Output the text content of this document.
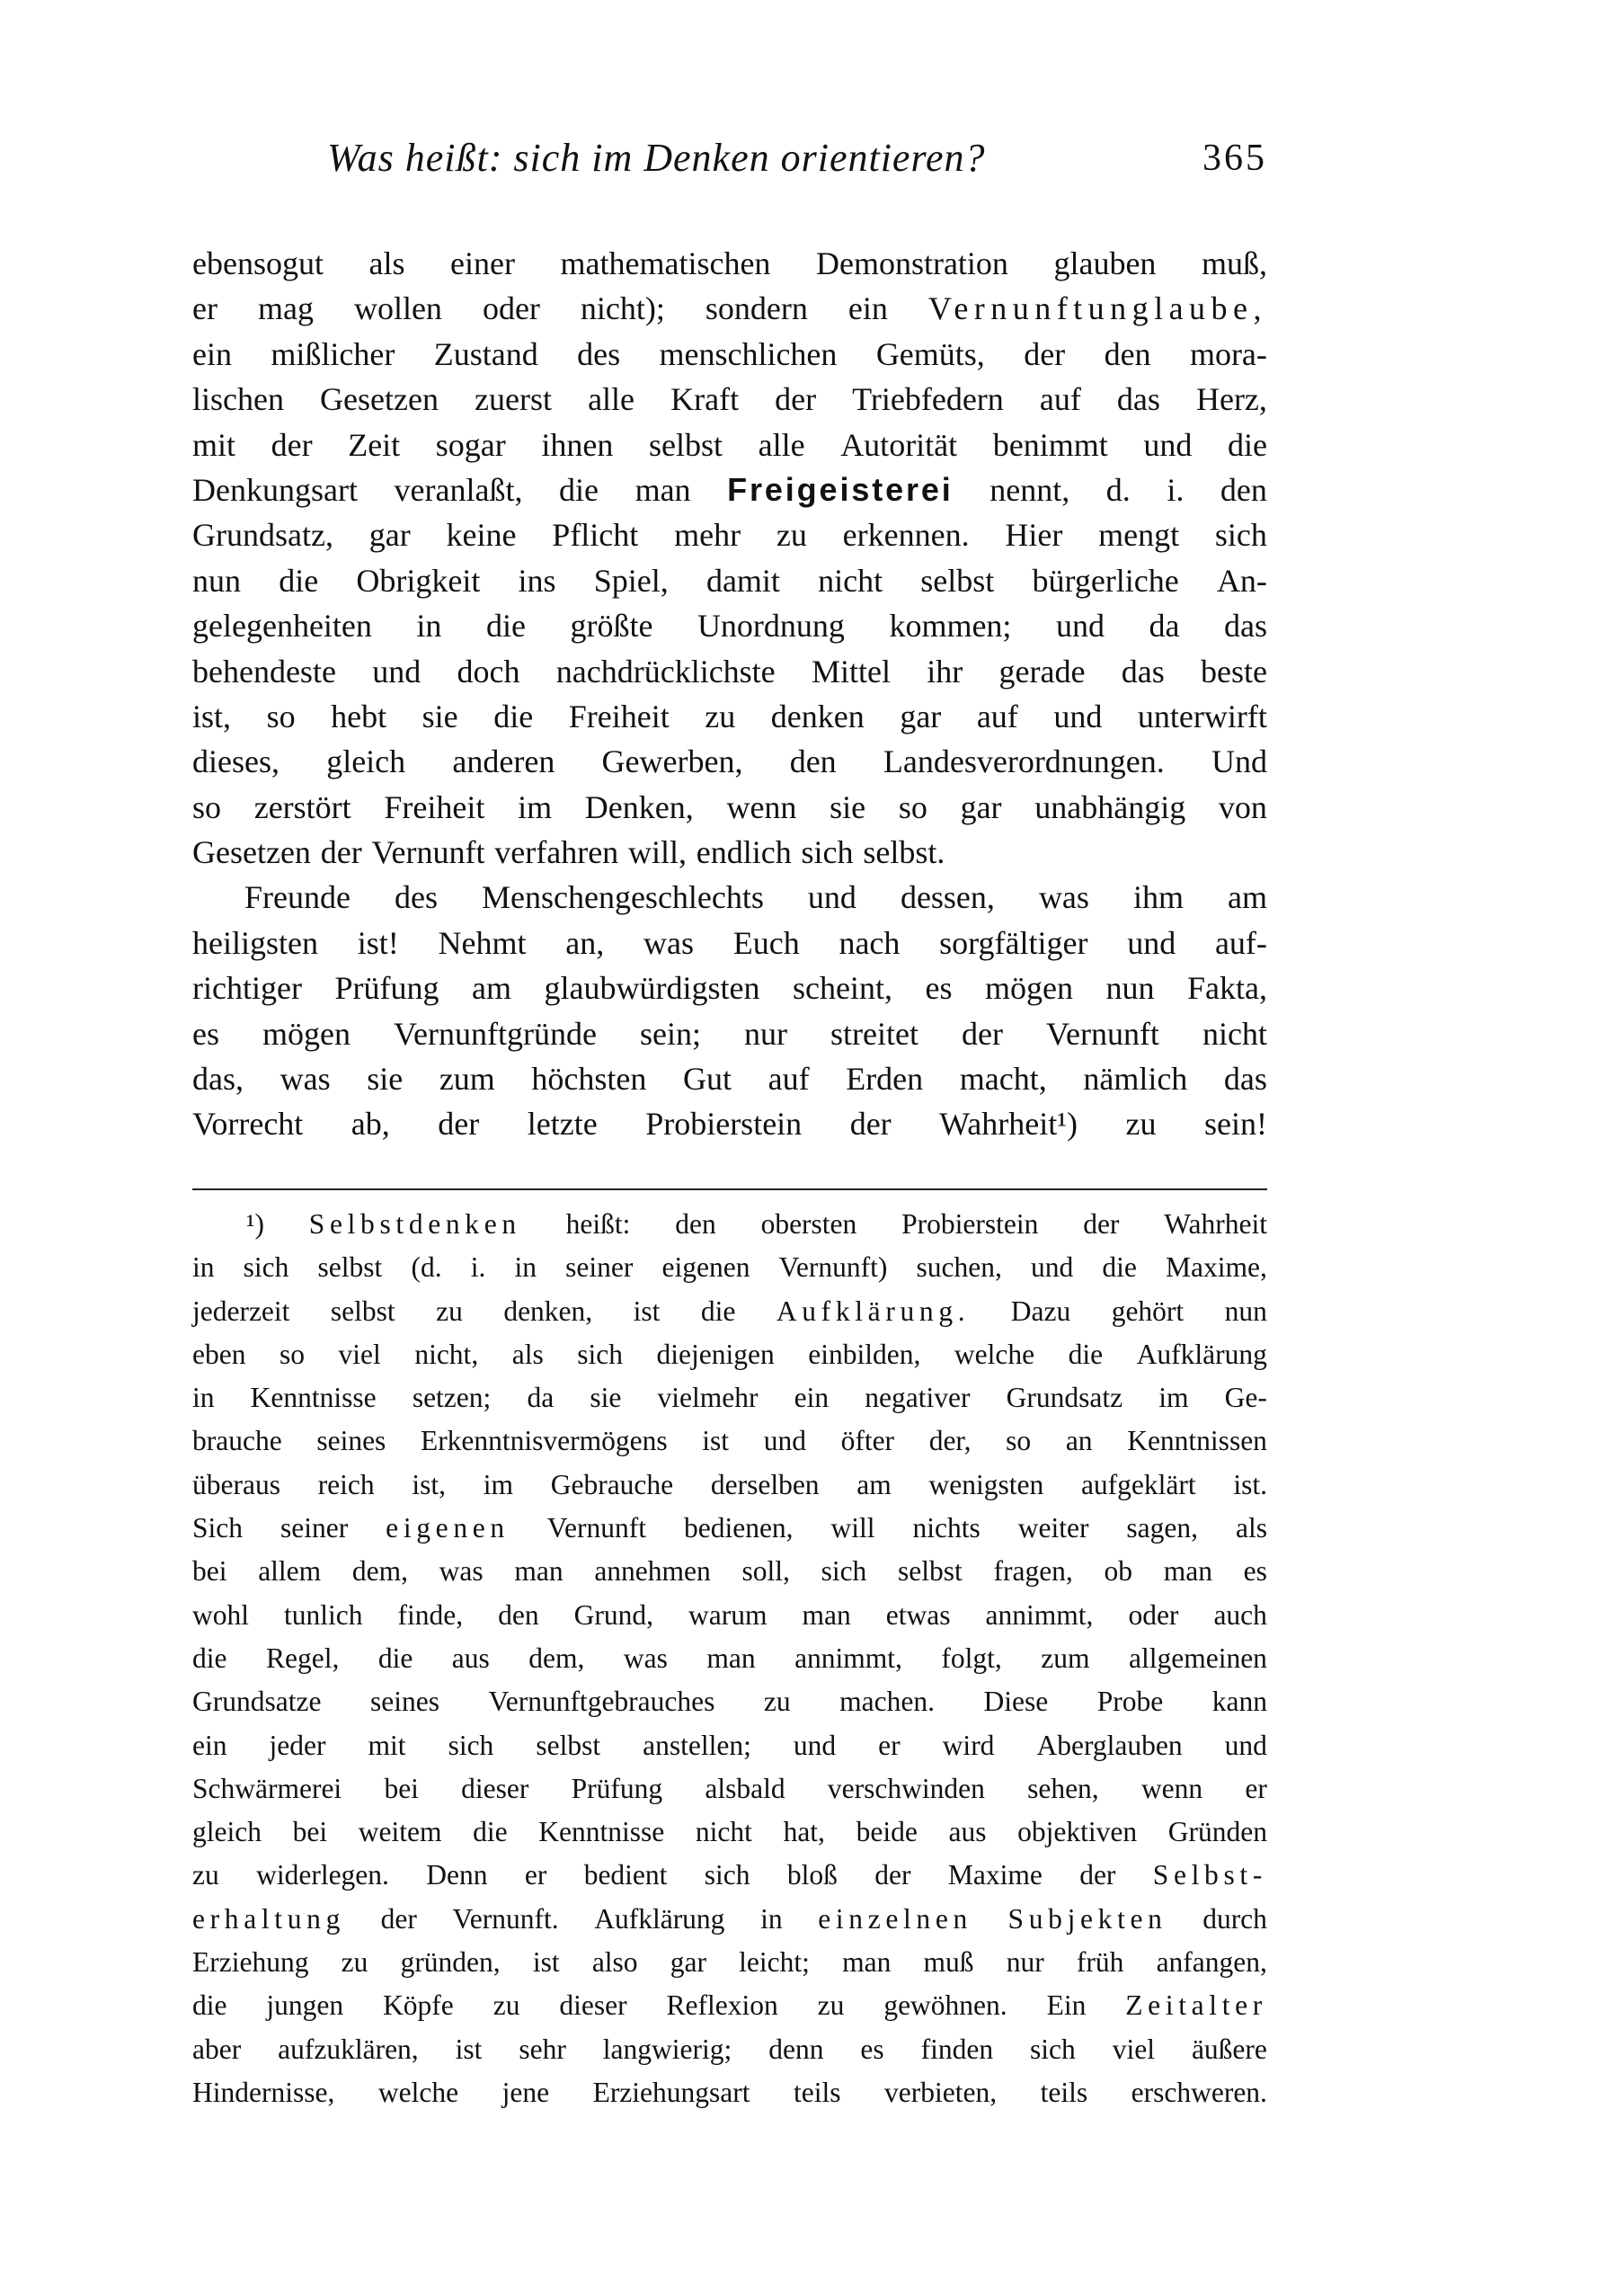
Was heißt: sich im Denken orientieren?	365
ebensogut als einer mathematischen Demonstration glauben muß,
er mag wollen oder nicht); sondern ein Vernunftunglaube,
ein mißlicher Zustand des menschlichen Gemüts, der den mora-
lischen Gesetzen zuerst alle Kraft der Triebfedern auf das Herz,
mit der Zeit sogar ihnen selbst alle Autorität benimmt und die
Denkungsart veranlaßt, die man Freigeisterei nennt, d. i. den
Grundsatz, gar keine Pflicht mehr zu erkennen. Hier mengt sich
nun die Obrigkeit ins Spiel, damit nicht selbst bürgerliche An-
gelegenheiten in die größte Unordnung kommen; und da das
behendeste und doch nachdrücklichste Mittel ihr gerade das beste
ist, so hebt sie die Freiheit zu denken gar auf und unterwirft
dieses, gleich anderen Gewerben, den Landesverordnungen. Und
so zerstört Freiheit im Denken, wenn sie so gar unabhängig von
Gesetzen der Vernunft verfahren will, endlich sich selbst.
Freunde des Menschengeschlechts und dessen, was ihm am
heiligsten ist! Nehmt an, was Euch nach sorgfältiger und auf-
richtiger Prüfung am glaubwürdigsten scheint, es mögen nun Fakta,
es mögen Vernunftgründe sein; nur streitet der Vernunft nicht
das, was sie zum höchsten Gut auf Erden macht, nämlich das
Vorrecht ab, der letzte Probierstein der Wahrheit¹) zu sein!
¹) Selbstdenken heißt: den obersten Probierstein der Wahrheit
in sich selbst (d. i. in seiner eigenen Vernunft) suchen, und die Maxime,
jederzeit selbst zu denken, ist die Aufklärung. Dazu gehört nun
eben so viel nicht, als sich diejenigen einbilden, welche die Aufklärung
in Kenntnisse setzen; da sie vielmehr ein negativer Grundsatz im Ge-
brauche seines Erkenntnisvermögens ist und öfter der, so an Kenntnissen
überaus reich ist, im Gebrauche derselben am wenigsten aufgeklärt ist.
Sich seiner eigenen Vernunft bedienen, will nichts weiter sagen, als
bei allem dem, was man annehmen soll, sich selbst fragen, ob man es
wohl tunlich finde, den Grund, warum man etwas annimmt, oder auch
die Regel, die aus dem, was man annimmt, folgt, zum allgemeinen
Grundsatze seines Vernunftgebrauches zu machen. Diese Probe kann
ein jeder mit sich selbst anstellen; und er wird Aberglauben und
Schwärmerei bei dieser Prüfung alsbald verschwinden sehen, wenn er
gleich bei weitem die Kenntnisse nicht hat, beide aus objektiven Gründen
zu widerlegen. Denn er bedient sich bloß der Maxime der Selbst-
erhaltung der Vernunft. Aufklärung in einzelnen Subjekten durch
Erziehung zu gründen, ist also gar leicht; man muß nur früh anfangen,
die jungen Köpfe zu dieser Reflexion zu gewöhnen. Ein Zeitalter
aber aufzuklären, ist sehr langwierig; denn es finden sich viel äußere
Hindernisse, welche jene Erziehungsart teils verbieten, teils erschweren.
